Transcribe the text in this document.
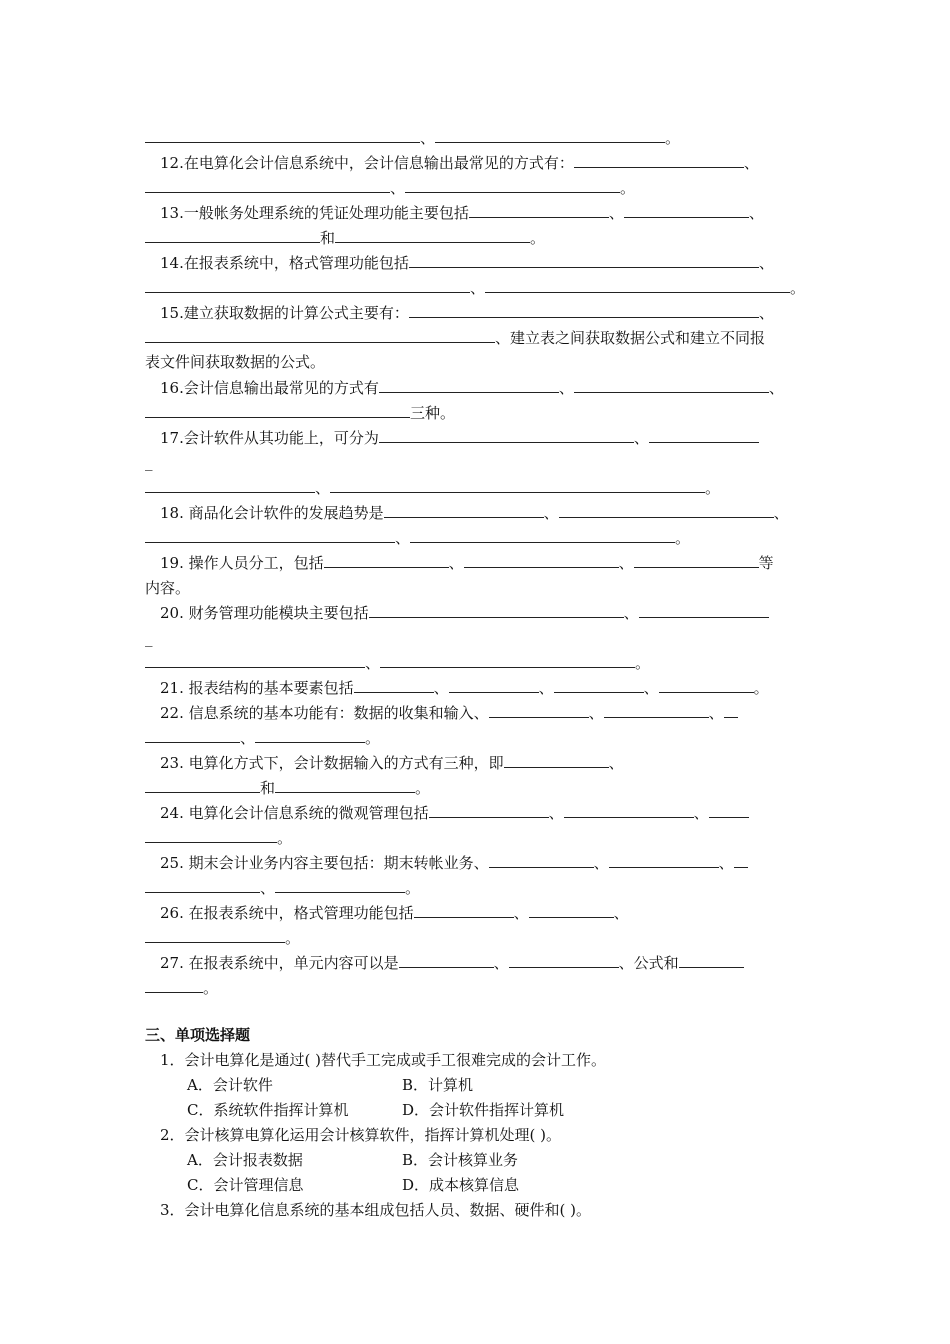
、	。
12.在电算化会计信息系统中，会计信息输出最常见的方式有：	、
、	。
13.一般帐务处理系统的凭证处理功能主要包括	、	、
和	。
14.在报表系统中，格式管理功能包括	、
、	。
15.建立获取数据的计算公式主要有：	、
、建立表之间获取数据公式和建立不同报
表文件间获取数据的公式。
16.会计信息输出最常见的方式有	、	、
三种。
17.会计软件从其功能上，可分为	、
_
、	。
18. 商品化会计软件的发展趋势是	、	、
、	。
19. 操作人员分工，包括	、	、	等
内容。
20. 财务管理功能模块主要包括	、
_
、	。
21. 报表结构的基本要素包括	、	、	、	。
22. 信息系统的基本功能有：数据的收集和输入、	、	、
、	。
23. 电算化方式下，会计数据输入的方式有三种，即	、
和	。
24. 电算化会计信息系统的微观管理包括	、	、
。
25. 期末会计业务内容主要包括：期末转帐业务、	、	、
、	。
26. 在报表系统中，格式管理功能包括	、	、
。
27. 在报表系统中，单元内容可以是	、	、公式和
。
三、单项选择题
1．会计电算化是通过( )替代手工完成或手工很难完成的会计工作。
A．会计软件	B．计算机
C．系统软件指挥计算机	D．会计软件指挥计算机
2．会计核算电算化运用会计核算软件，指挥计算机处理( )。
A．会计报表数据	B．会计核算业务
C．会计管理信息	D．成本核算信息
3．会计电算化信息系统的基本组成包括人员、数据、硬件和( )。
